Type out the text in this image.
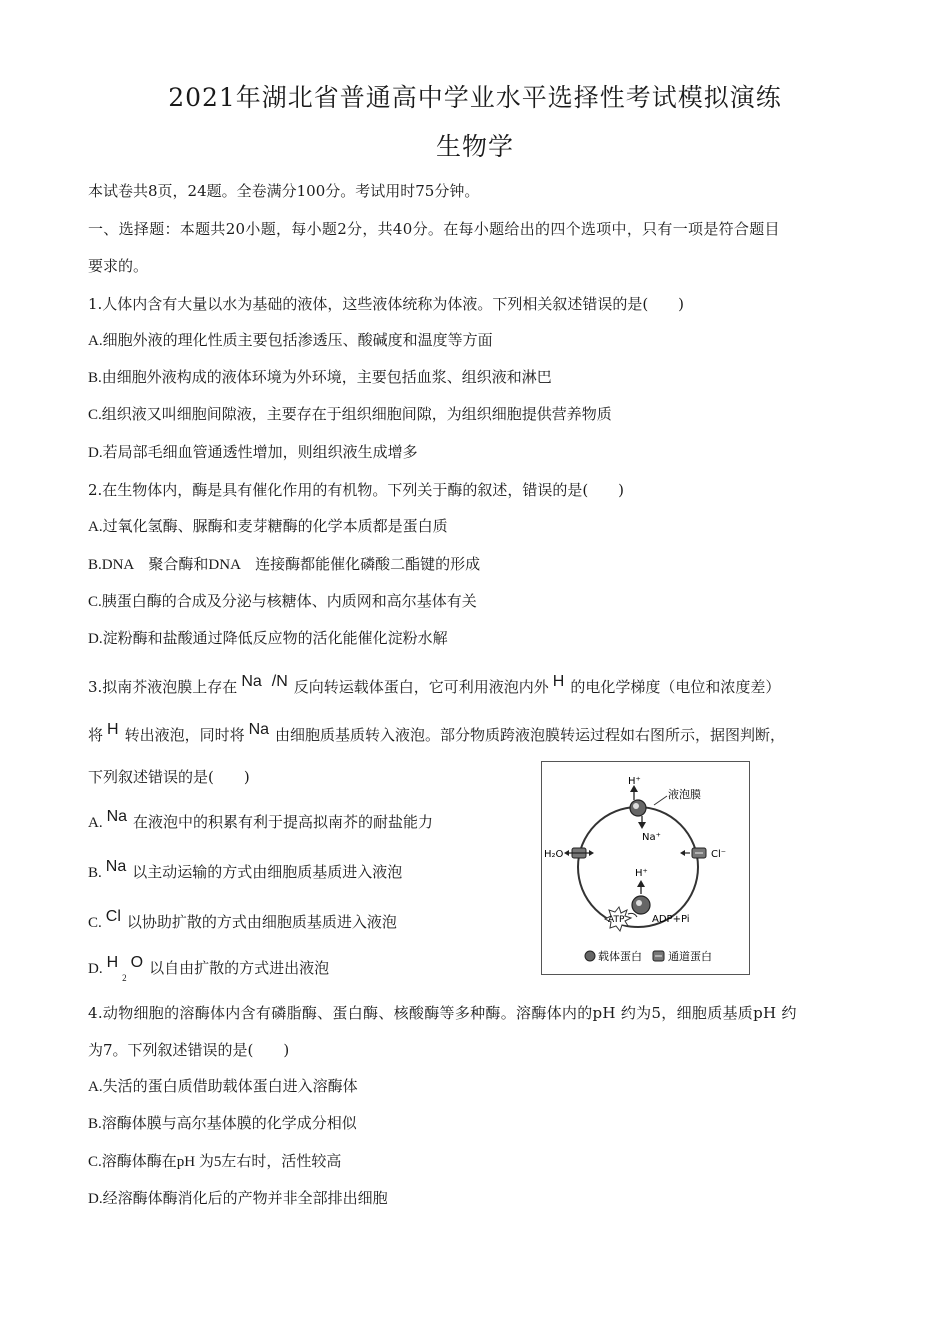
2021年湖北省普通高中学业水平选择性考试模拟演练
生物学
本试卷共8页，24题。全卷满分100分。考试用时75分钟。
一、选择题：本题共20小题，每小题2分，共40分。在每小题给出的四个选项中，只有一项是符合题目
要求的。
1.人体内含有大量以水为基础的液体，这些液体统称为体液。下列相关叙述错误的是(　　)
A.细胞外液的理化性质主要包括渗透压、酸碱度和温度等方面
B.由细胞外液构成的液体环境为外环境，主要包括血浆、组织液和淋巴
C.组织液又叫细胞间隙液，主要存在于组织细胞间隙，为组织细胞提供营养物质
D.若局部毛细血管通透性增加，则组织液生成增多
2.在生物体内，酶是具有催化作用的有机物。下列关于酶的叙述，错误的是(　　)
A.过氧化氢酶、脲酶和麦芽糖酶的化学本质都是蛋白质
B.DNA　聚合酶和DNA　连接酶都能催化磷酸二酯键的形成
C.胰蛋白酶的合成及分泌与核糖体、内质网和高尔基体有关
D.淀粉酶和盐酸通过降低反应物的活化能催化淀粉水解
3.拟南芥液泡膜上存在 Na /N 反向转运载体蛋白，它可利用液泡内外 H 的电化学梯度（电位和浓度差）
将 H 转出液泡，同时将 Na 由细胞质基质转入液泡。部分物质跨液泡膜转运过程如右图所示，据图判断，
下列叙述错误的是(　　)
A. Na 在液泡中的积累有利于提高拟南芥的耐盐能力
B. Na 以主动运输的方式由细胞质基质进入液泡
C. Cl 以协助扩散的方式由细胞质基质进入液泡
D. $H_2O$ 以自由扩散的方式进出液泡
H⁺
Na⁺
液泡膜
H₂O	Cl⁻
H⁺
ATP	ADP+Pi
载体蛋白 通道蛋白
4.动物细胞的溶酶体内含有磷脂酶、蛋白酶、核酸酶等多种酶。溶酶体内的pH 约为5，细胞质基质pH 约
为7。下列叙述错误的是(　　)
A.失活的蛋白质借助载体蛋白进入溶酶体
B.溶酶体膜与高尔基体膜的化学成分相似
C.溶酶体酶在pH 为5左右时，活性较高
D.经溶酶体酶消化后的产物并非全部排出细胞
